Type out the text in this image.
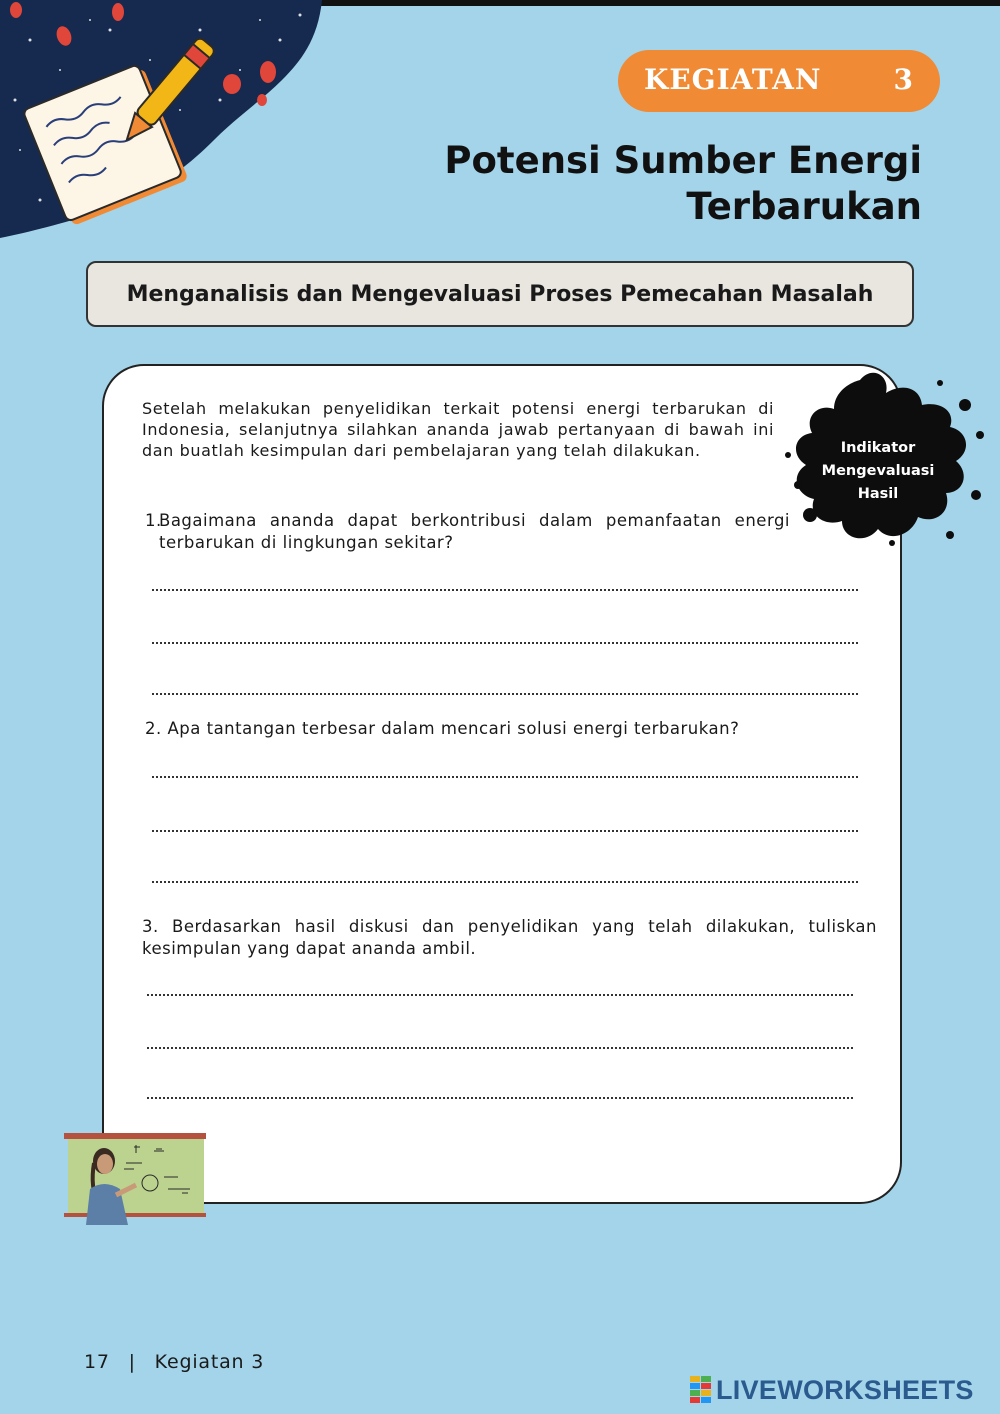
KEGIATAN	3
Potensi Sumber Energi
Terbarukan
Menganalisis dan Mengevaluasi Proses Pemecahan Masalah
Setelah melakukan penyelidikan terkait potensi energi terbarukan di Indonesia, selanjutnya silahkan ananda jawab pertanyaan di bawah ini dan buatlah kesimpulan dari pembelajaran yang telah dilakukan.
1.
Bagaimana ananda dapat berkontribusi dalam pemanfaatan energi terbarukan di lingkungan sekitar?
2. Apa tantangan terbesar dalam mencari solusi energi terbarukan?
3. Berdasarkan hasil diskusi dan penyelidikan yang telah dilakukan, tuliskan kesimpulan yang dapat ananda ambil.
Indikator
Mengevaluasi
Hasil
17 | Kegiatan 3
LIVEWORKSHEETS
